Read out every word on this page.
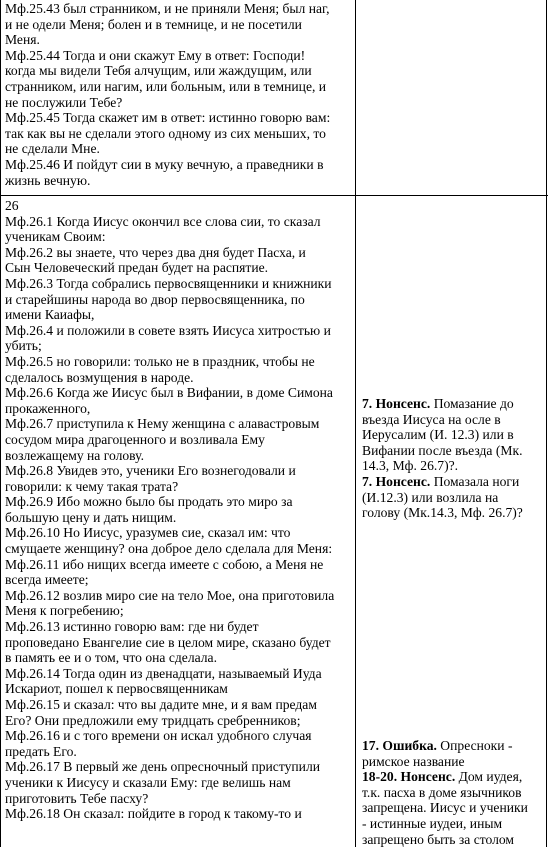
Мф.25.43 был странником, и не приняли Меня; был наг,
и не одели Меня; болен и в темнице, и не посетили
Меня.
Мф.25.44 Тогда и они скажут Ему в ответ: Господи!
когда мы видели Тебя алчущим, или жаждущим, или
странником, или нагим, или больным, или в темнице, и
не послужили Тебе?
Мф.25.45 Тогда скажет им в ответ: истинно говорю вам:
так как вы не сделали этого одному из сих меньших, то
не сделали Мне.
Мф.25.46 И пойдут сии в муку вечную, а праведники в
жизнь вечную.
26
Мф.26.1 Когда Иисус окончил все слова сии, то сказал
ученикам Своим:
Мф.26.2 вы знаете, что через два дня будет Пасха, и
Сын Человеческий предан будет на распятие.
Мф.26.3 Тогда собрались первосвященники и книжники
и старейшины народа во двор первосвященника, по
имени Каиафы,
Мф.26.4 и положили в совете взять Иисуса хитростью и
убить;
Мф.26.5 но говорили: только не в праздник, чтобы не
сделалось возмущения в народе.
Мф.26.6 Когда же Иисус был в Вифании, в доме Симона
прокаженного,
Мф.26.7 приступила к Нему женщина с алавастровым
сосудом мира драгоценного и возливала Ему
возлежащему на голову.
Мф.26.8 Увидев это, ученики Его вознегодовали и
говорили: к чему такая трата?
Мф.26.9 Ибо можно было бы продать это миро за
большую цену и дать нищим.
Мф.26.10 Но Иисус, уразумев сие, сказал им: что
смущаете женщину? она доброе дело сделала для Меня:
Мф.26.11 ибо нищих всегда имеете с собою, а Меня не
всегда имеете;
Мф.26.12 возлив миро сие на тело Мое, она приготовила
Меня к погребению;
Мф.26.13 истинно говорю вам: где ни будет
проповедано Евангелие сие в целом мире, сказано будет
в память ее и о том, что она сделала.
Мф.26.14 Тогда один из двенадцати, называемый Иуда
Искариот, пошел к первосвященникам
Мф.26.15 и сказал: что вы дадите мне, и я вам предам
Его? Они предложили ему тридцать сребренников;
Мф.26.16 и с того времени он искал удобного случая
предать Его.
Мф.26.17 В первый же день опресночный приступили
ученики к Иисусу и сказали Ему: где велишь нам
приготовить Тебе пасху?
Мф.26.18 Он сказал: пойдите в город к такому-то и
7. Нонсенс. Помазание до
въезда Иисуса на осле в
Иерусалим (И. 12.3) или в
Вифании после въезда (Мк.
14.3, Мф. 26.7)?.
7. Нонсенс. Помазала ноги
(И.12.3) или возлила на
голову (Мк.14.3, Мф. 26.7)?
17. Ошибка. Опресноки -
римское название
18-20. Нонсенс. Дом иудея,
т.к. пасха в доме язычников
запрещена. Иисус и ученики
- истинные иудеи, иным
запрещено быть за столом
